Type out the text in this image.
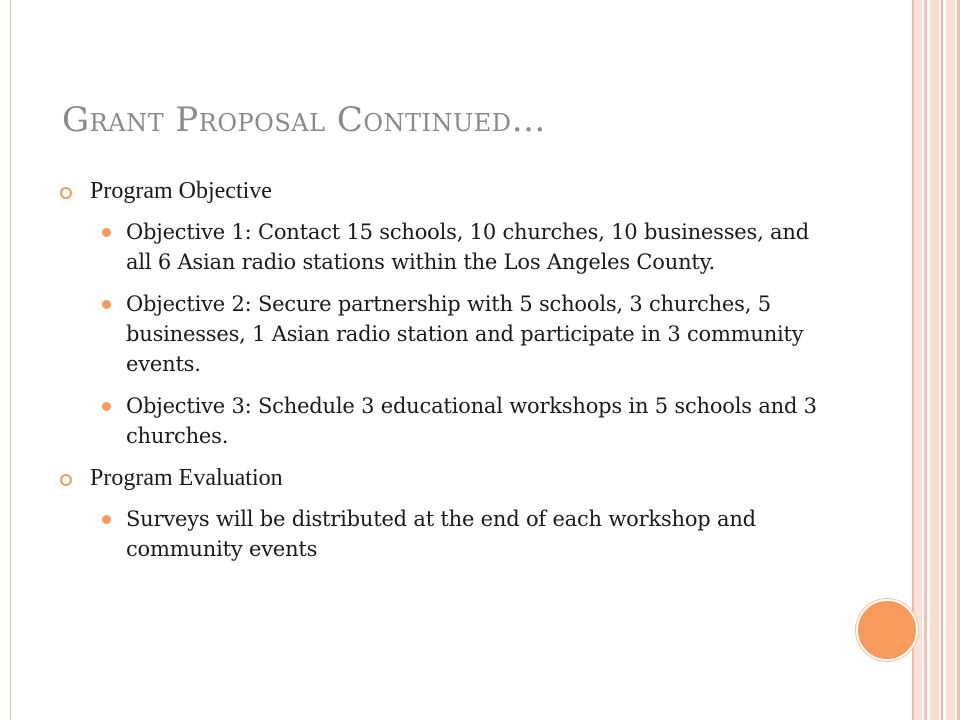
Grant Proposal Continued…
Program Objective
Objective 1: Contact 15 schools, 10 churches, 10 businesses, and all 6 Asian radio stations within the Los Angeles County.
Objective 2: Secure partnership with 5 schools, 3 churches, 5 businesses, 1 Asian radio station and participate in 3 community events.
Objective 3: Schedule 3 educational workshops in 5 schools and 3 churches.
Program Evaluation
Surveys will be distributed at the end of each workshop and community events
